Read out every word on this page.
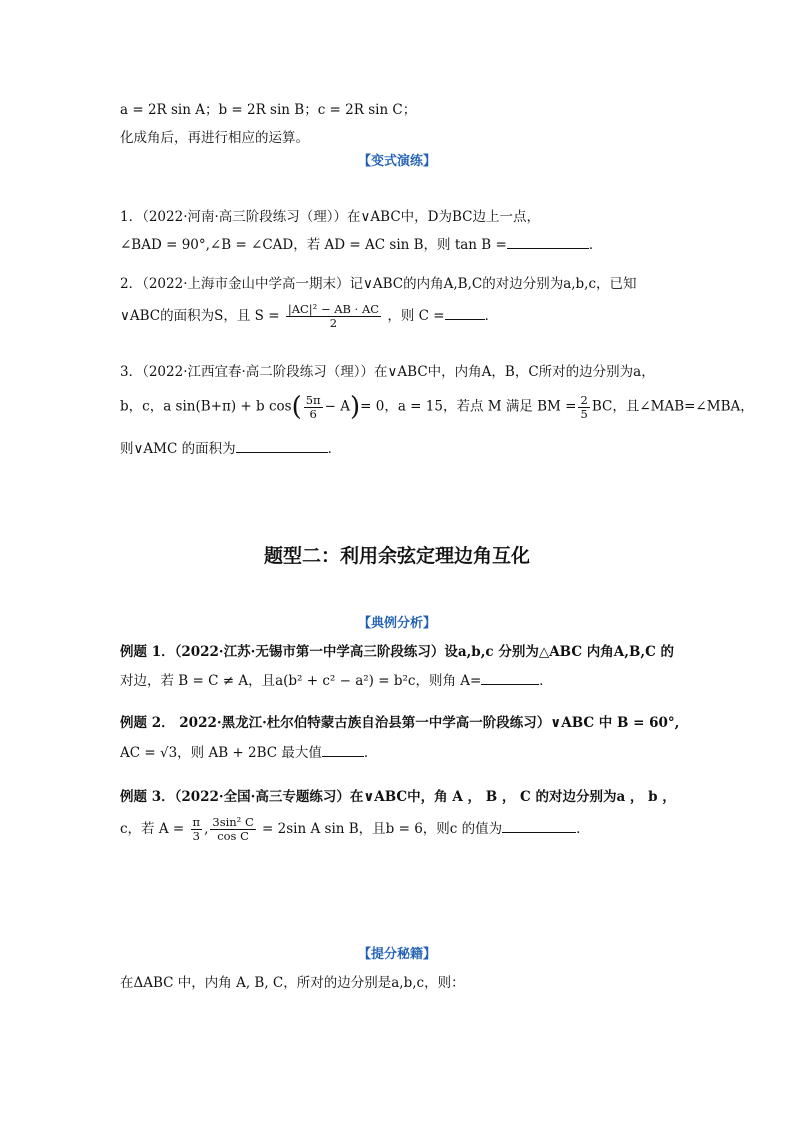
a = 2R sin A；b = 2R sin B；c = 2R sin C；
化成角后，再进行相应的运算。
【变式演练】
1．（2022·河南·高三阶段练习（理））在∨ABC中，D为BC边上一点，
∠BAD = 90°,∠B = ∠CAD，若 AD = AC sin B，则 tan B =	．
2．（2022·上海市金山中学高一期末）记∨ABC的内角A,B,C的对边分别为a,b,c，已知
∨ABC的面积为S，且 $S = \frac{\text{|AC|² − AB · AC}}{2}$ ，则 C =	．
3．（2022·江西宜春·高二阶段练习（理））在∨ABC中，内角A，B，C所对的边分别为a，
b，c，a sin(B+π) + b $\cos( \frac{5\pi}{6} - A)= 0$，a = 15，若点 M 满足 BM = $\frac{2}{5}$ BC，且∠MAB=∠MBA，
则∨AMC 的面积为	．
题型二：利用余弦定理边角互化
【典例分析】
例题 1．（2022·江苏·无锡市第一中学高三阶段练习）设a,b,c 分别为△ABC 内角A,B,C 的
对边，若 B = C ≠ A，且a(b² + c² − a²) = b²c，则角 A=	．
例题 2． 2022·黑龙江·杜尔伯特蒙古族自治县第一中学高一阶段练习）∨ABC 中 B = 60°,
AC = √3，则 AB + 2BC 最大值	．
例题 3．（2022·全国·高三专题练习）在∨ABC中，角 A ， B ， C 的对边分别为a ， b ，
c，若 $A = \frac{\pi}{3}$ , $\frac{\text{3sin² C}}{\text{cos C}} = 2\sin$ A sin B，且b = 6，则c 的值为	．
【提分秘籍】
在ΔABC 中，内角 A, B, C，所对的边分别是a,b,c，则：
